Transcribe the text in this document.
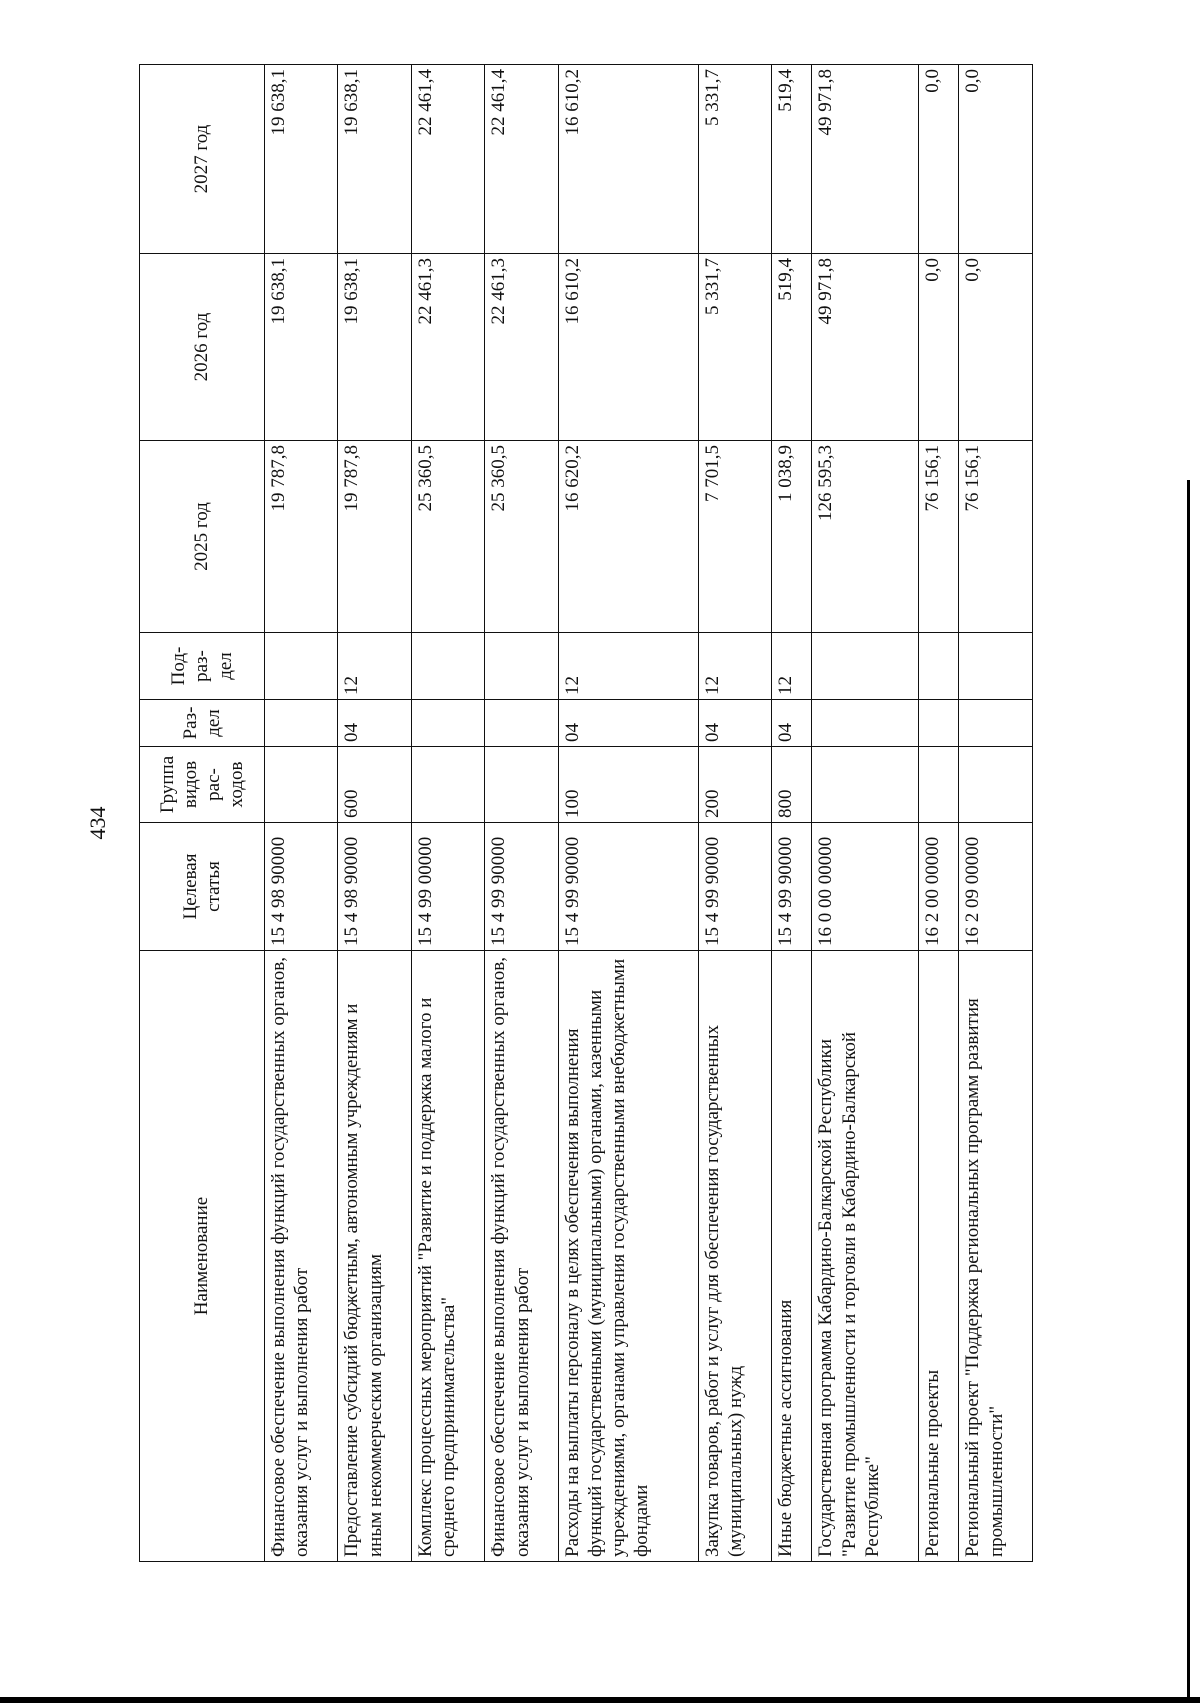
434
Наименование	Целевая статья	Группа видов рас-ходов	Раз-дел	Под-раз-дел	2025 год	2026 год	2027 год
Финансовое обеспечение выполнения функций государственных органов, оказания услуг и выполнения работ	15 4 98 90000				19 787,8	19 638,1	19 638,1
Предоставление субсидий бюджетным, автономным учреждениям и иным некоммерческим организациям	15 4 98 90000	600	04	12	19 787,8	19 638,1	19 638,1
Комплекс процессных мероприятий "Развитие и поддержка малого и среднего предпринимательства"	15 4 99 00000				25 360,5	22 461,3	22 461,4
Финансовое обеспечение выполнения функций государственных органов, оказания услуг и выполнения работ	15 4 99 90000				25 360,5	22 461,3	22 461,4
Расходы на выплаты персоналу в целях обеспечения выполнения функций государственными (муниципальными) органами, казенными учреждениями, органами управления государственными внебюджетными фондами	15 4 99 90000	100	04	12	16 620,2	16 610,2	16 610,2
Закупка товаров, работ и услуг для обеспечения государственных (муниципальных) нужд	15 4 99 90000	200	04	12	7 701,5	5 331,7	5 331,7
Иные бюджетные ассигнования	15 4 99 90000	800	04	12	1 038,9	519,4	519,4
Государственная программа Кабардино-Балкарской Республики "Развитие промышленности и торговли в Кабардино-Балкарской Республике"	16 0 00 00000				126 595,3	49 971,8	49 971,8
Региональные проекты	16 2 00 00000				76 156,1	0,0	0,0
Региональный проект "Поддержка региональных программ развития промышленности"	16 2 09 00000				76 156,1	0,0	0,0
